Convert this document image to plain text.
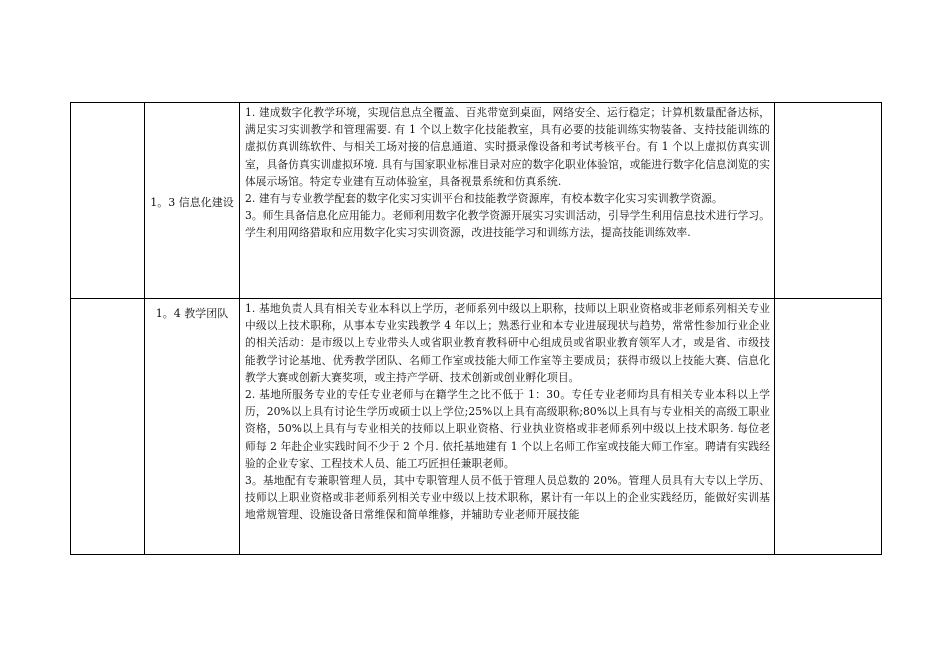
	1。3 信息化建设	1. 建成数字化教学环境，实现信息点全覆盖、百兆带宽到桌面，网络安全、运行稳定；计算机数量配备达标，满足实习实训教学和管理需要. 有 1 个以上数字化技能教室，具有必要的技能训练实物装备、支持技能训练的虚拟仿真训练软件、与相关工场对接的信息通道、实时摄录像设备和考试考核平台。有 1 个以上虚拟仿真实训室，具备仿真实训虚拟环境. 具有与国家职业标准目录对应的数字化职业体验馆，或能进行数字化信息浏览的实体展示场馆。特定专业建有互动体验室，具备视景系统和仿真系统.

2. 建有与专业教学配套的数字化实习实训平台和技能教学资源库，有校本数字化实习实训教学资源。

3。师生具备信息化应用能力。老师利用数字化教学资源开展实习实训活动，引导学生利用信息技术进行学习。学生利用网络猎取和应用数字化实习实训资源，改进技能学习和训练方法，提高技能训练效率.	

	1。4 教学团队	1. 基地负责人具有相关专业本科以上学历，老师系列中级以上职称，技师以上职业资格或非老师系列相关专业中级以上技术职称，从事本专业实践教学 4 年以上；熟悉行业和本专业进展现状与趋势，常常性参加行业企业的相关活动：是市级以上专业带头人或省职业教育教科研中心组成员或省职业教育领军人才，或是省、市级技能教学讨论基地、优秀教学团队、名师工作室或技能大师工作室等主要成员；获得市级以上技能大赛、信息化教学大赛或创新大赛奖项，或主持产学研、技术创新或创业孵化项目。

2. 基地所服务专业的专任专业老师与在籍学生之比不低于 1：30。专任专业老师均具有相关专业本科以上学历，20%以上具有讨论生学历或硕士以上学位;25%以上具有高级职称;80%以上具有与专业相关的高级工职业资格，50%以上具有与专业相关的技师以上职业资格、行业执业资格或非老师系列中级以上技术职务. 每位老师每 2 年赴企业实践时间不少于 2 个月. 依托基地建有 1 个以上名师工作室或技能大师工作室。聘请有实践经验的企业专家、工程技术人员、能工巧匠担任兼职老师。

3。基地配有专兼职管理人员，其中专职管理人员不低于管理人员总数的 20%。管理人员具有大专以上学历、技师以上职业资格或非老师系列相关专业中级以上技术职称，累计有一年以上的企业实践经历，能做好实训基地常规管理、设施设备日常维保和简单维修，并辅助专业老师开展技能	
